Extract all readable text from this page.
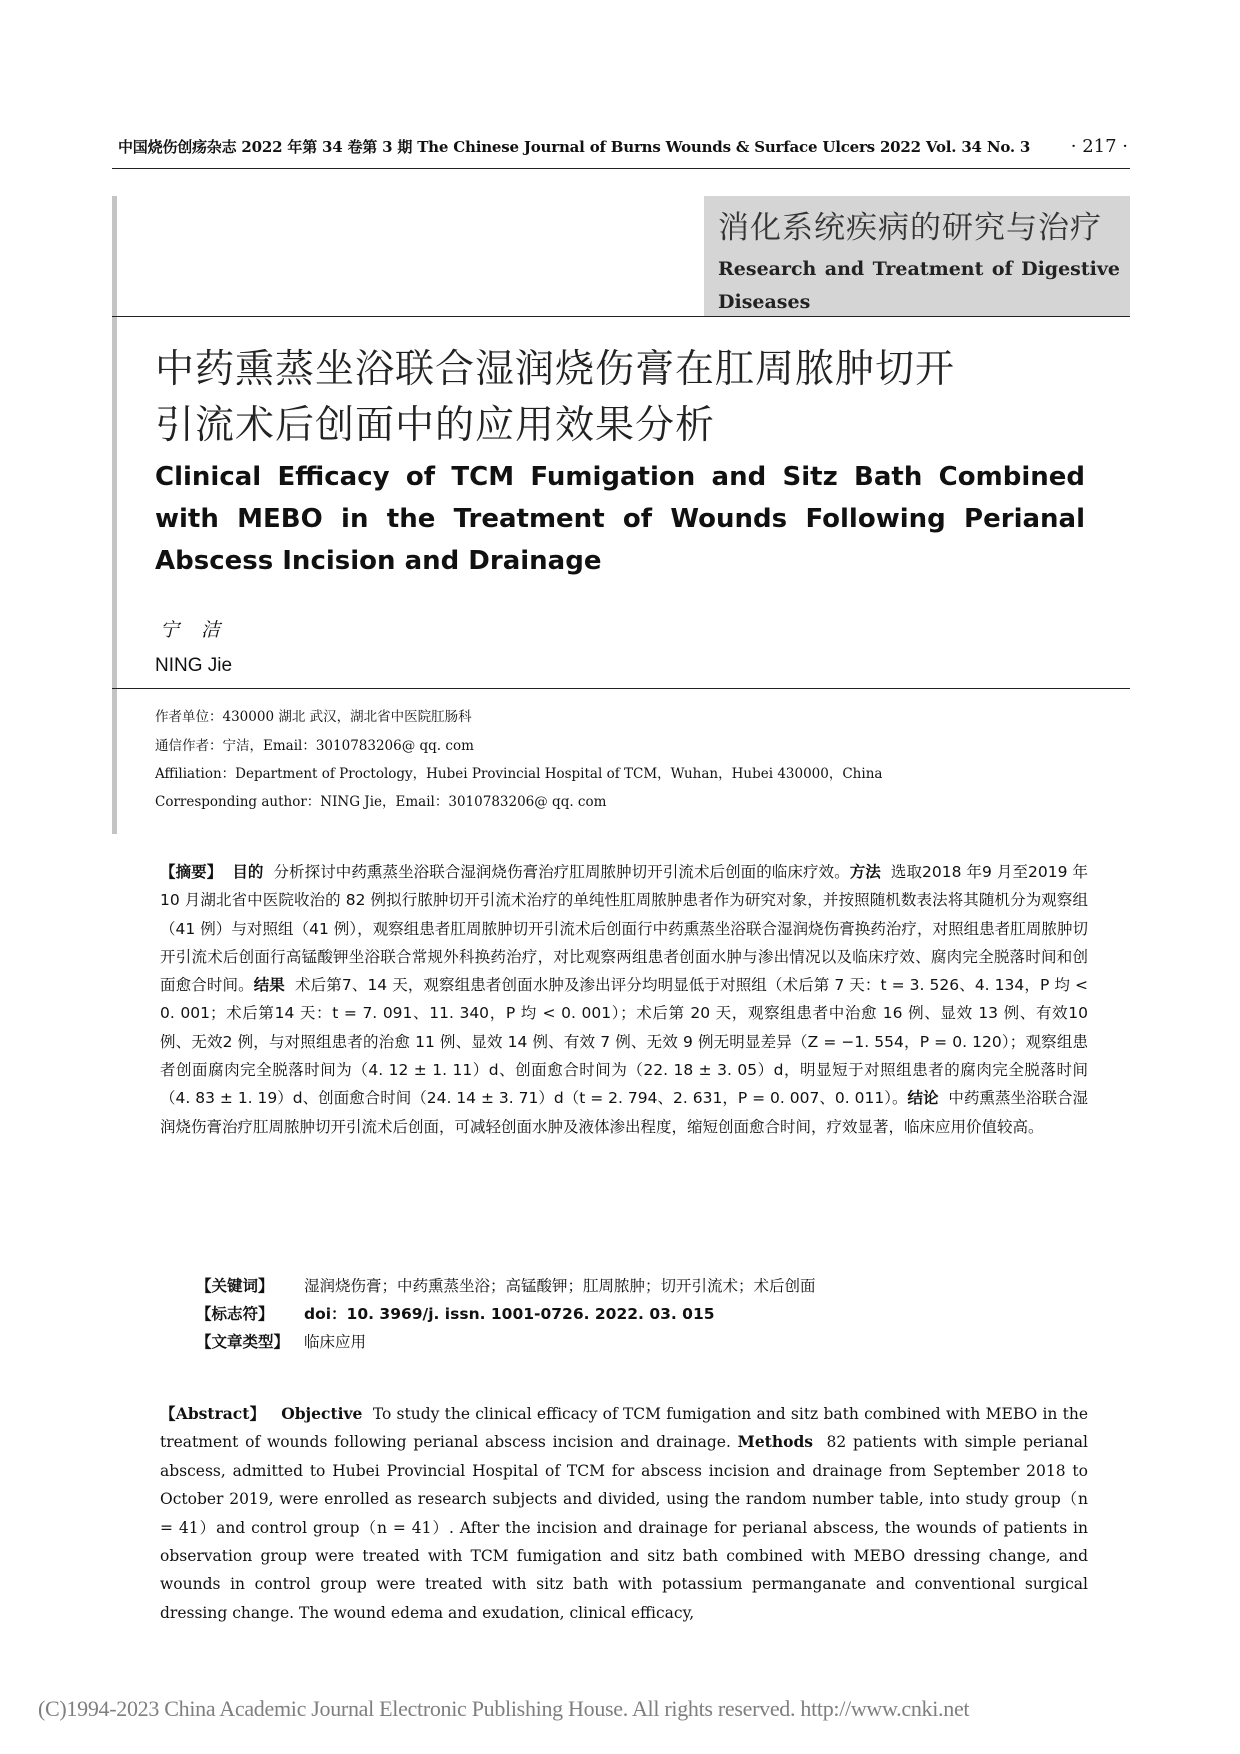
中国烧伤创疡杂志 2022 年第 34 卷第 3 期 The Chinese Journal of Burns Wounds & Surface Ulcers 2022 Vol. 34 No. 3 · 217 ·
消化系统疾病的研究与治疗
Research and Treatment of Digestive Diseases
中药熏蒸坐浴联合湿润烧伤膏在肛周脓肿切开
引流术后创面中的应用效果分析
Clinical Efficacy of TCM Fumigation and Sitz Bath Combined with MEBO in the Treatment of Wounds Following Perianal Abscess Incision and Drainage
宁洁
NING Jie
作者单位：430000 湖北 武汉，湖北省中医院肛肠科
通信作者：宁洁，Email：3010783206@ qq. com
Affiliation：Department of Proctology，Hubei Provincial Hospital of TCM，Wuhan，Hubei 430000，China
Corresponding author：NING Jie，Email：3010783206@ qq. com
【摘要】 目的 分析探讨中药熏蒸坐浴联合湿润烧伤膏治疗肛周脓肿切开引流术后创面的临床疗效。方法 选取2018 年9 月至2019 年10 月湖北省中医院收治的 82 例拟行脓肿切开引流术治疗的单纯性肛周脓肿患者作为研究对象，并按照随机数表法将其随机分为观察组（41 例）与对照组（41 例），观察组患者肛周脓肿切开引流术后创面行中药熏蒸坐浴联合湿润烧伤膏换药治疗，对照组患者肛周脓肿切开引流术后创面行高锰酸钾坐浴联合常规外科换药治疗，对比观察两组患者创面水肿与渗出情况以及临床疗效、腐肉完全脱落时间和创面愈合时间。结果 术后第7、14 天，观察组患者创面水肿及渗出评分均明显低于对照组（术后第 7 天：t = 3. 526、4. 134，P 均 < 0. 001；术后第14 天：t = 7. 091、11. 340，P 均 < 0. 001）；术后第 20 天，观察组患者中治愈 16 例、显效 13 例、有效10 例、无效2 例，与对照组患者的治愈 11 例、显效 14 例、有效 7 例、无效 9 例无明显差异（Z = −1. 554，P = 0. 120）；观察组患者创面腐肉完全脱落时间为（4. 12 ± 1. 11）d、创面愈合时间为（22. 18 ± 3. 05）d，明显短于对照组患者的腐肉完全脱落时间（4. 83 ± 1. 19）d、创面愈合时间（24. 14 ± 3. 71）d（t = 2. 794、2. 631，P = 0. 007、0. 011）。结论 中药熏蒸坐浴联合湿润烧伤膏治疗肛周脓肿切开引流术后创面，可减轻创面水肿及液体渗出程度，缩短创面愈合时间，疗效显著，临床应用价值较高。
【关键词】 湿润烧伤膏；中药熏蒸坐浴；高锰酸钾；肛周脓肿；切开引流术；术后创面
【标志符】 doi：10. 3969/j. issn. 1001-0726. 2022. 03. 015
【文章类型】 临床应用
【Abstract】 Objective To study the clinical efficacy of TCM fumigation and sitz bath combined with MEBO in the treatment of wounds following perianal abscess incision and drainage. Methods 82 patients with simple perianal abscess, admitted to Hubei Provincial Hospital of TCM for abscess incision and drainage from September 2018 to October 2019, were enrolled as research subjects and divided, using the random number table, into study group（n = 41）and control group（n = 41）. After the incision and drainage for perianal abscess, the wounds of patients in observation group were treated with TCM fumigation and sitz bath combined with MEBO dressing change, and wounds in control group were treated with sitz bath with potassium permanganate and conventional surgical dressing change. The wound edema and exudation, clinical efficacy,
(C)1994-2023 China Academic Journal Electronic Publishing House. All rights reserved. http://www.cnki.net
